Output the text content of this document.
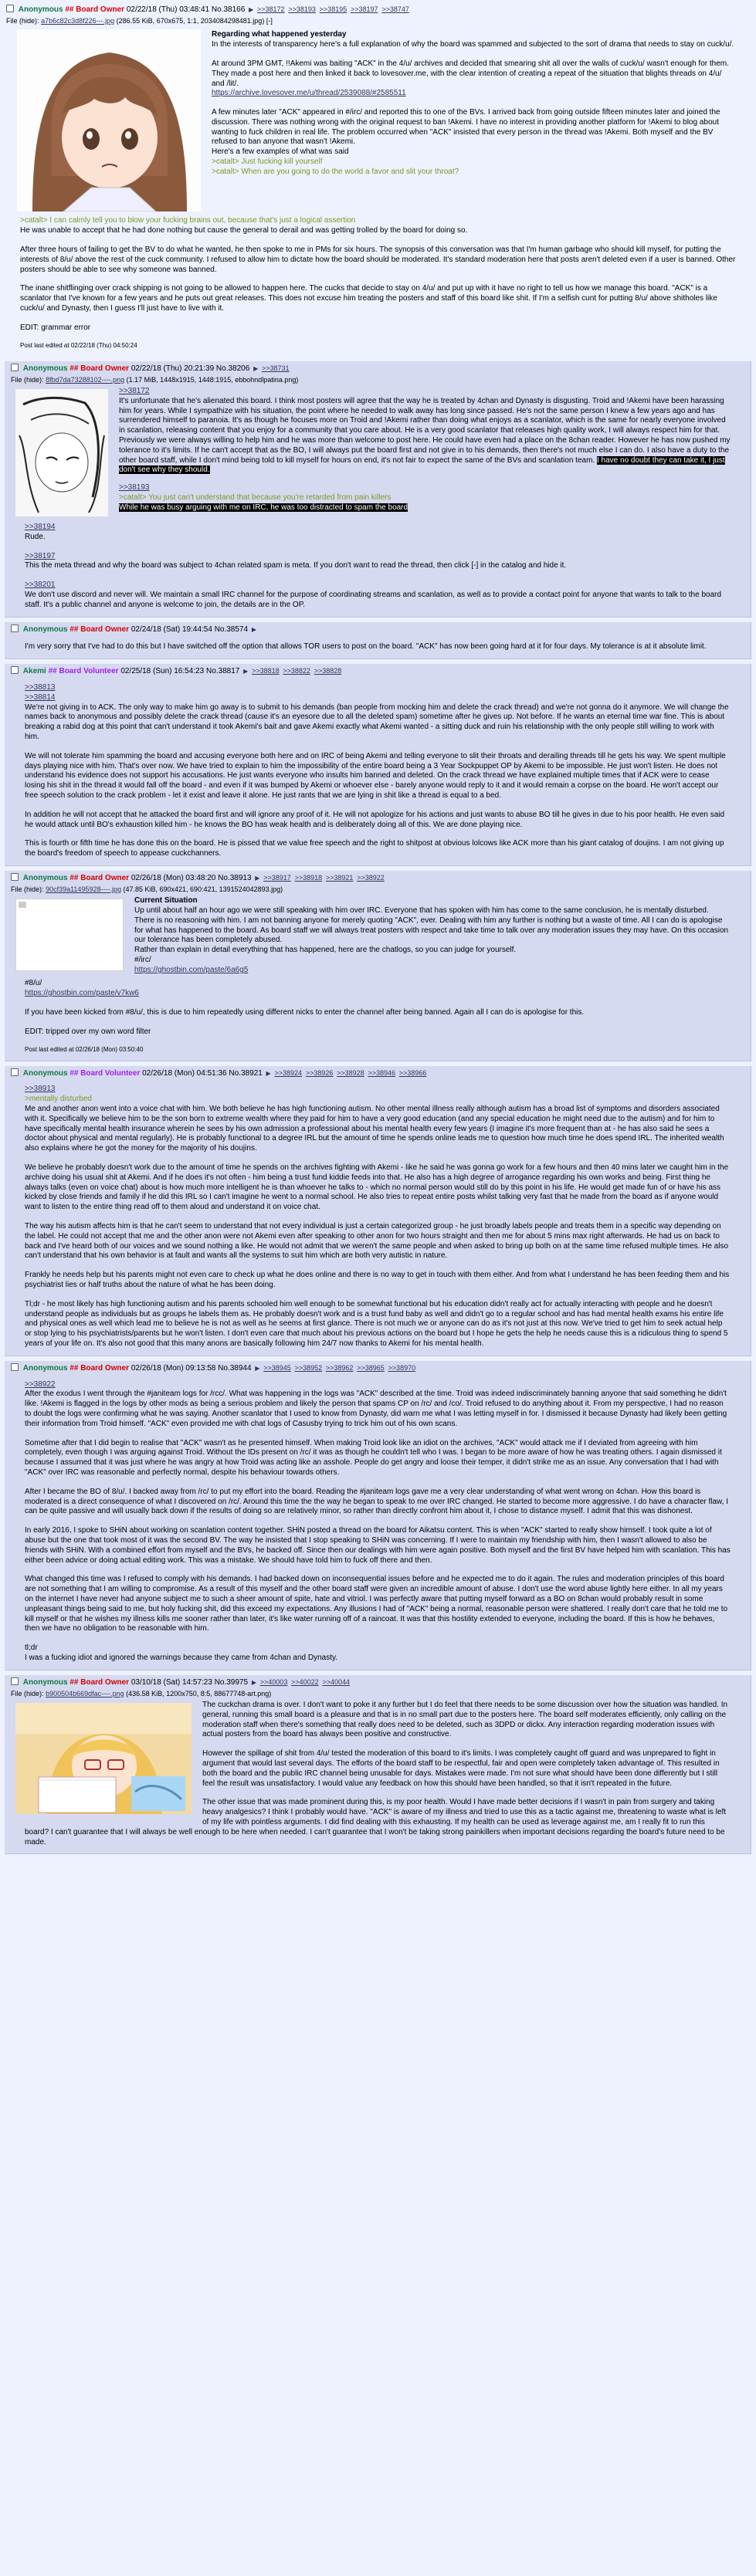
Anonymous ## Board Owner 02/22/18 (Thu) 03:48:41 No.38166 ▶ >>38172 >>38193 >>38195 >>38197 >>38747
File (hide): a7b6c82c3d8f226---.jpg (286.55 KiB, 670x675, 1:1, 2034084298481.jpg) [-]

Regarding what happened yesterday

In the interests of transparency here's a full explanation of why the board was spammed and subjected to the sort of drama that needs to stay on cuck/u/.

At around 3PM GMT, !!Akemi was baiting "ACK" in the 4/u/ archives and decided that smearing shit all over the walls of cuck/u/ wasn't enough for them. They made a post here and then linked it back to lovesover.me, with the clear intention of creating a repeat of the situation that blights threads on 4/u/ and /lit/.

https://archive.lovesover.me/u/thread/2539088/#2585511

A few minutes later "ACK" appeared in #/irc/ and reported this to one of the BVs. I arrived back from going outside fifteen minutes later and joined the discussion. There was nothing wrong with the original request to ban !Akemi. I have no interest in providing another platform for !Akemi to blog about wanting to fuck children in real life. The problem occurred when "ACK" insisted that every person in the thread was !Akemi. Both myself and the BV refused to ban anyone that wasn't !Akemi.

Here's a few examples of what was said

>catalt> Just fucking kill yourself

>catalt> When are you going to do the world a favor and slit your throat?

>catalt> I can calmly tell you to blow your fucking brains out, because that's just a logical assertion

He was unable to accept that he had done nothing but cause the general to derail and was getting trolled by the board for doing so.

After three hours of failing to get the BV to do what he wanted, he then spoke to me in PMs for six hours. The synopsis of this conversation was that I'm human garbage who should kill myself, for putting the interests of 8/u/ above the rest of the cuck community. I refused to allow him to dictate how the board should be moderated. It's standard moderation here that posts aren't deleted even if a user is banned. Other posters should be able to see why someone was banned.

The inane shitflinging over crack shipping is not going to be allowed to happen here. The cucks that decide to stay on 4/u/ and put up with it have no right to tell us how we manage this board. "ACK" is a scanlator that I've known for a few years and he puts out great releases. This does not excuse him treating the posters and staff of this board like shit. If I'm a selfish cunt for putting 8/u/ above shitholes like cuck/u/ and Dynasty, then I guess I'll just have to live with it.

EDIT: grammar error

Post last edited at 02/22/18 (Thu) 04:50:24
Anonymous ## Board Owner 02/22/18 (Thu) 20:21:39 No.38206 ▶ >>38731
File (hide): 8fbd7da73288102----.png (1.17 MiB, 1448x1915, 1448:1915, ebbohndlpatina.png)

>>38172

It's unfortunate that he's alienated this board. I think most posters will agree that the way he is treated by 4chan and Dynasty is disgusting. Troid and !Akemi have been harassing him for years. While I sympathize with his situation, the point where he needed to walk away has long since passed. He's not the same person I knew a few years ago and has surrendered himself to paranoia. It's as though he focuses more on Troid and !Akemi rather than doing what enjoys as a scanlator, which is the same for nearly everyone involved in scanlation, releasing content that you enjoy for a community that you care about. He is a very good scanlator that releases high quality work, I will always respect him for that. Previously we were always willing to help him and he was more than welcome to post here. He could have even had a place on the 8chan reader. However he has now pushed my tolerance to it's limits. If he can't accept that as the BO, I will always put the board first and not give in to his demands, then there's not much else I can do. I also have a duty to the other board staff, while I don't mind being told to kill myself for hours on end, it's not fair to expect the same of the BVs and scanlation team. I have no doubt they can take it, I just don't see why they should.

>>38193

>catalt> You just can't understand that because you're retarded from pain killers

While he was busy arguing with me on IRC, he was too distracted to spam the board

>>38194

Rude.

>>38197

This the meta thread and why the board was subject to 4chan related spam is meta. If you don't want to read the thread, then click [-] in the catalog and hide it.

>>38201

We don't use discord and never will. We maintain a small IRC channel for the purpose of coordinating streams and scanlation, as well as to provide a contact point for anyone that wants to talk to the board staff. It's a public channel and anyone is welcome to join, the details are in the OP.

Anonymous ## Board Owner 02/24/18 (Sat) 19:44:54 No.38574 ▶

I'm very sorry that I've had to do this but I have switched off the option that allows TOR users to post on the board. "ACK" has now been going hard at it for four days. My tolerance is at it absolute limit.

Akemi ## Board Volunteer 02/25/18 (Sun) 16:54:23 No.38817 ▶ >>38818 >>38822 >>38828

>>38813

>>38814

We're not giving in to ACK. The only way to make him go away is to submit to his demands (ban people from mocking him and delete the crack thread) and we're not gonna do it anymore. We will change the names back to anonymous and possibly delete the crack thread (cause it's an eyesore due to all the deleted spam) sometime after he gives up. Not before. If he wants an eternal time war fine. This is about breaking a rabid dog at this point that can't understand it took Akemi's bait and gave Akemi exactly what Akemi wanted - a sitting duck and ruin his relationship with the only people still willing to work with him.

We will not tolerate him spamming the board and accusing everyone both here and on IRC of being Akemi and telling everyone to slit their throats and derailing threads till he gets his way. We spent multiple days playing nice with him. That's over now. We have tried to explain to him the impossibility of the entire board being a 3 Year Sockpuppet OP by Akemi to be impossible. He just won't listen. He does not understand his evidence does not support his accusations. He just wants everyone who insults him banned and deleted. On the crack thread we have explained multiple times that if ACK were to cease losing his shit in the thread it would fall off the board - and even if it was bumped by Akemi or whoever else - barely anyone would reply to it and it would remain a corpse on the board. He won't accept our free speech solution to the crack problem - let it exist and leave it alone. He just rants that we are lying in shit like a thread is equal to a bed.

In addition he will not accept that he attacked the board first and will ignore any proof of it. He will not apologize for his actions and just wants to abuse BO till he gives in due to his poor health. He even said he would attack until BO's exhaustion killed him - he knows the BO has weak health and is deliberately doing all of this. We are done playing nice.

This is fourth or fifth time he has done this on the board. He is pissed that we value free speech and the right to shitpost at obvious lolcows like ACK more than his giant catalog of doujins. I am not giving up the board's freedom of speech to appease cuckchanners.

Anonymous ## Board Owner 02/26/18 (Mon) 03:48:20 No.38913 ▶ >>38917 >>38918 >>38921 >>38922
File (hide): 90cf39a11495928----.jpg (47.85 KiB, 690x421, 690:421, 1391524042893.jpg)

Current Situation

Up until about half an hour ago we were still speaking with him over IRC. Everyone that has spoken with him has come to the same conclusion, he is mentally disturbed. There is no reasoning with him. I am not banning anyone for merely quoting "ACK", ever. Dealing with him any further is nothing but a waste of time. All I can do is apologise for what has happened to the board. As board staff we will always treat posters with respect and take time to talk over any moderation issues they may have. On this occasion our tolerance has been completely abused.

Rather than explain in detail everything that has happened, here are the chatlogs, so you can judge for yourself.

#/irc/

https://ghostbin.com/paste/6a6g5

#8/u/

https://ghostbin.com/paste/v7kw6

If you have been kicked from #8/u/, this is due to him repeatedly using different nicks to enter the channel after being banned. Again all I can do is apologise for this.

EDIT: tripped over my own word filter

Post last edited at 02/26/18 (Mon) 03:50:40
Anonymous ## Board Volunteer 02/26/18 (Mon) 04:51:36 No.38921 ▶ >>38924 >>38926 >>38928 >>38946 >>38966

>>38913

>mentally disturbed

Me and another anon went into a voice chat with him. We both believe he has high functioning autism. No other mental illness really although autism has a broad list of symptoms and disorders associated with it. Specifically we believe him to be the son born to extreme wealth where they paid for him to have a very good education (and any special education he might need due to the autism) and for him to have specifically mental health insurance wherein he sees by his own admission a professional about his mental health every few years (I imagine it's more frequent than at - he has also said he sees a doctor about physical and mental regularly). He is probably functional to a degree IRL but the amount of time he spends online leads me to question how much time he does spend IRL. The inherited wealth also explains where he got the money for the majority of his doujins.

We believe he probably doesn't work due to the amount of time he spends on the archives fighting with Akemi - like he said he was gonna go work for a few hours and then 40 mins later we caught him in the archive doing his usual shit at Akemi. And if he does it's not often - him being a trust fund kiddie feeds into that. He also has a high degree of arrogance regarding his own works and being. First thing he always talks (even on voice chat) about is how much more intelligent he is than whoever he talks to - which no normal person would still do by this point in his life. He would get made fun of or have his ass kicked by close friends and family if he did this IRL so I can't imagine he went to a normal school. He also tries to repeat entire posts whilst talking very fast that he made from the board as if anyone would want to listen to the entire thing read off to them aloud and understand it on voice chat.

The way his autism affects him is that he can't seem to understand that not every individual is just a certain categorized group - he just broadly labels people and treats them in a specific way depending on the label. He could not accept that me and the other anon were not Akemi even after speaking to other anon for two hours straight and then me for about 5 mins max right afterwards. He had us on back to back and I've heard both of our voices and we sound nothing a like. He would not admit that we weren't the same people and when asked to bring up both on at the same time refused multiple times. He also can't understand that his own behavior is at fault and wants all the systems to suit him which are both very autistic in nature.

Frankly he needs help but his parents might not even care to check up what he does online and there is no way to get in touch with them either. And from what I understand he has been feeding them and his psychiatrist lies or half truths about the nature of what he has been doing.

Tl;dr - he most likely has high functioning autism and his parents schooled him well enough to be somewhat functional but his education didn't really act for actually interacting with people and he doesn't understand people as individuals but as groups he labels them as. He probably doesn't work and is a trust fund baby as well and didn't go to a regular school and has had mental health exams his entire life and physical ones as well which lead me to believe he is not as well as he seems at first glance. There is not much we or anyone can do as it's not just at this now. We've tried to get him to seek actual help or stop lying to his psychiatrists/parents but he won't listen. I don't even care that much about his previous actions on the board but I hope he gets the help he needs cause this is a ridiculous thing to spend 5 years of your life on. It's also not good that this many anons are basically following him 24/7 now thanks to Akemi for his mental health.

Anonymous ## Board Owner 02/26/18 (Mon) 09:13:58 No.38944 ▶ >>38945 >>38952 >>38962 >>38965 >>38970

>>38922

After the exodus I went through the #janiteam logs for /rcc/. What was happening in the logs was "ACK" described at the time. Troid was indeed indiscriminately banning anyone that said something he didn't like. !Akemi is flagged in the logs by other mods as being a serious problem and likely the person that spams CP on /rc/ and /co/. Troid refused to do anything about it. From my perspective, I had no reason to doubt the logs were confirming what he was saying. Another scanlator that I used to know from Dynasty, did warn me what I was letting myself in for. I dismissed it because Dynasty had likely been getting their information from Troid himself. "ACK" even provided me with chat logs of Casusby trying to trick him out of his own scans.

Sometime after that I did begin to realise that "ACK" wasn't as he presented himself. When making Troid look like an idiot on the archives, "ACK" would attack me if I deviated from agreeing with him completely, even though I was arguing against Troid. Without the IDs present on /rc/ it was as though he couldn't tell who I was. I began to be more aware of how he was treating others. I again dismissed it because I assumed that it was just where he was angry at how Troid was acting like an asshole. People do get angry and loose their temper, it didn't strike me as an issue. Any conversation that I had with "ACK" over IRC was reasonable and perfectly normal, despite his behaviour towards others.

After I became the BO of 8/u/. I backed away from /rc/ to put my effort into the board. Reading the #janiteam logs gave me a very clear understanding of what went wrong on 4chan. How this board is moderated is a direct consequence of what I discovered on /rc/. Around this time the the way he began to speak to me over IRC changed. He started to become more aggressive. I do have a character flaw, I can be quite passive and will usually back down if the results of doing so are relatively minor, so rather than directly confront him about it, I chose to distance myself. I admit that this was dishonest.

In early 2016, I spoke to SHiN about working on scanlation content together. SHiN posted a thread on the board for Aikatsu content. This is when "ACK" started to really show himself. I took quite a lot of abuse but the one that took most of it was the second BV. The way he insisted that I stop speaking to SHiN was concerning. If I were to maintain my friendship with him, then I wasn't allowed to also be friends with SHiN. With a combined effort from myself and the BVs, he backed off. Since then our dealings with him were again positive. Both myself and the first BV have helped him with scanlation. This has either been advice or doing actual editing work. This was a mistake. We should have told him to fuck off there and then.

What changed this time was I refused to comply with his demands. I had backed down on inconsequential issues before and he expected me to do it again. The rules and moderation principles of this board are not something that I am willing to compromise. As a result of this myself and the other board staff were given an incredible amount of abuse. I don't use the word abuse lightly here either. In all my years on the internet I have never had anyone subject me to such a sheer amount of spite, hate and vitriol. I was perfectly aware that putting myself forward as a BO on 8chan would probably result in some unpleasant things being said to me, but holy fucking shit, did this exceed my expectations. Any illusions I had of "ACK" being a normal, reasonable person were shattered. I really don't care that he told me to kill myself or that he wishes my illness kills me sooner rather than later, it's like water running off of a raincoat. It was that this hostility extended to everyone, including the board. If this is how he behaves, then we have no obligation to be reasonable with him.

tl;dr

I was a fucking idiot and ignored the warnings because they came from 4chan and Dynasty.

Anonymous ## Board Owner 03/10/18 (Sat) 14:57:23 No.39975 ▶ >>40003 >>40022 >>40044
File (hide): b900504b669dfac----.png (436.58 KiB, 1200x750, 8:5, 88677748-art.png)

The cuckchan drama is over. I don't want to poke it any further but I do feel that there needs to be some discussion over how the situation was handled. In general, running this small board is a pleasure and that is in no small part due to the posters here. The board self moderates efficiently, only calling on the moderation staff when there's something that really does need to be deleted, such as 3DPD or dickx. Any interaction regarding moderation issues with actual posters from the board has always been positive and constructive.

However the spillage of shit from 4/u/ tested the moderation of this board to it's limits. I was completely caught off guard and was unprepared to fight in argument that would last several days. The efforts of the board staff to be respectful, fair and open were completely taken advantage of. This resulted in both the board and the public IRC channel being unusable for days. Mistakes were made. I'm not sure what should have been done differently but I still feel the result was unsatisfactory. I would value any feedback on how this should have been handled, so that it isn't repeated in the future.

The other issue that was made prominent during this, is my poor health. Would I have made better decisions if I wasn't in pain from surgery and taking heavy analgesics? I think I probably would have. "ACK" is aware of my illness and tried to use this as a tactic against me, threatening to waste what is left of my life with pointless arguments. I did find dealing with this exhausting. If my health can be used as leverage against me, am I really fit to run this board? I can't guarantee that I will always be well enough to be here when needed. I can't guarantee that I won't be taking strong painkillers when important decisions regarding the board's future need to be made.
